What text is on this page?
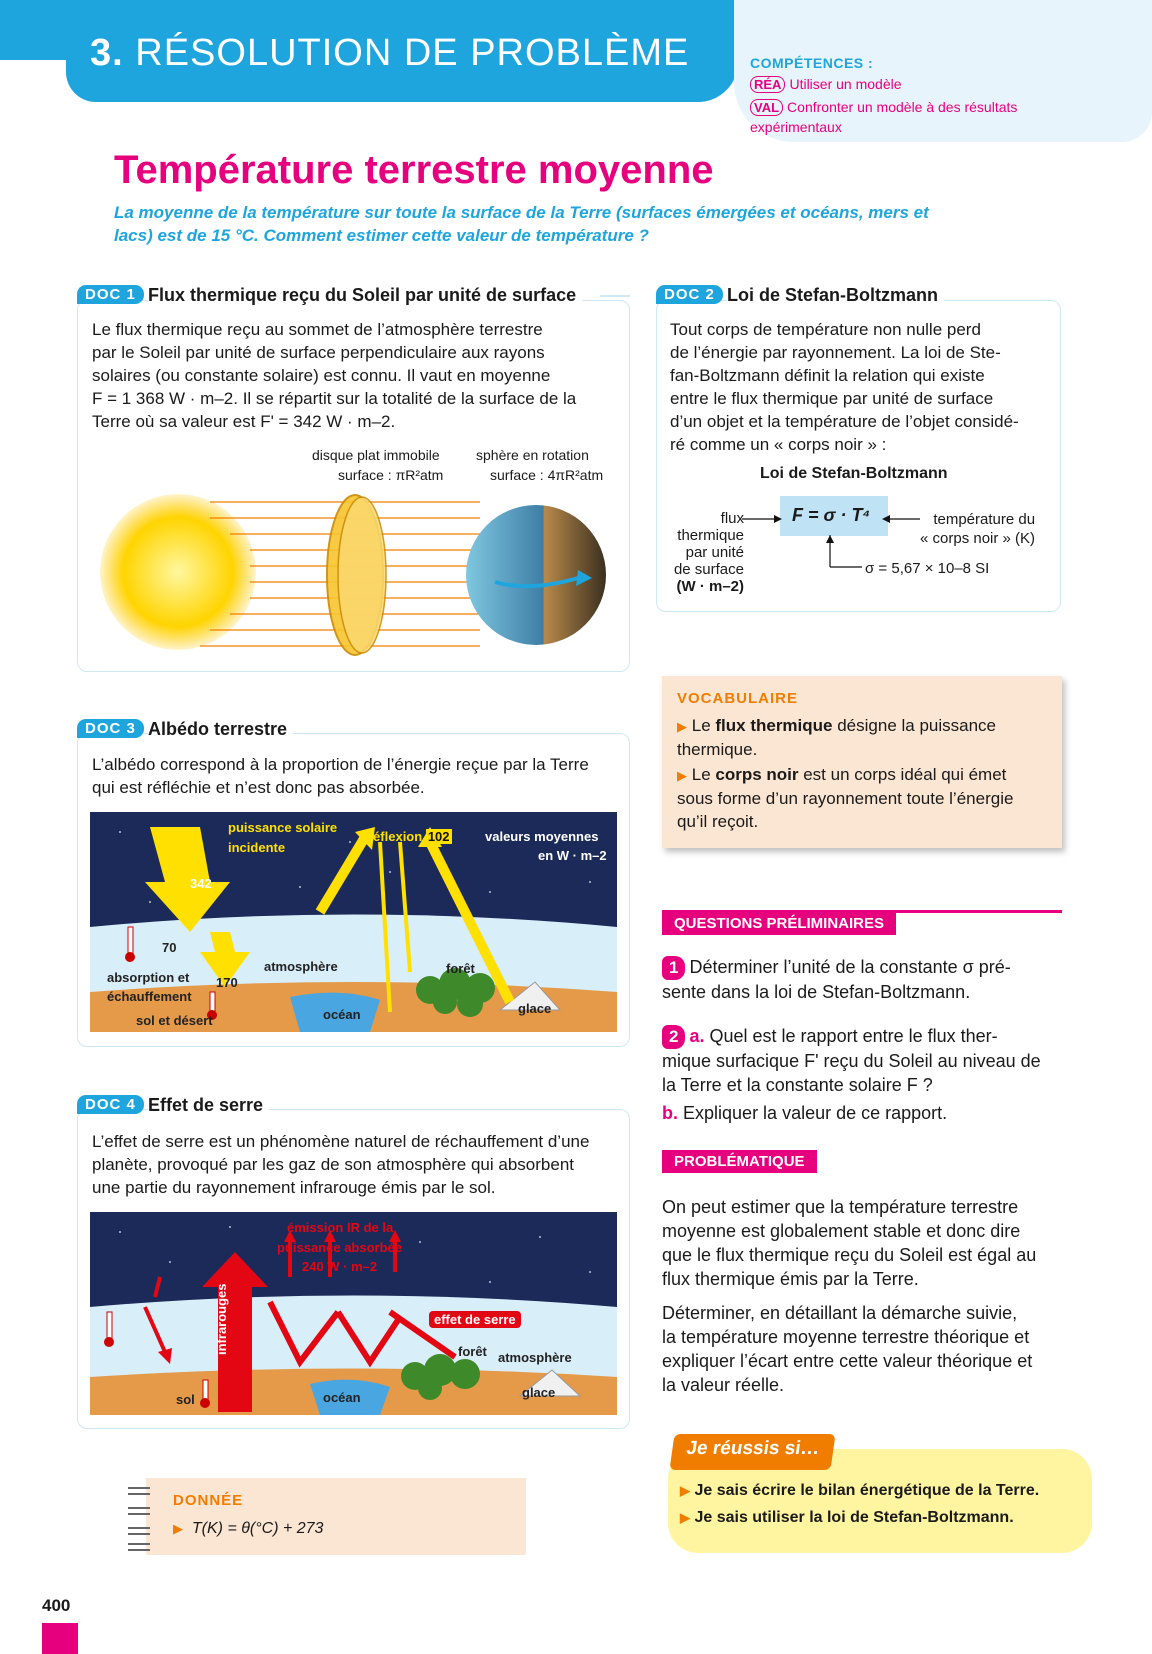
3. RÉSOLUTION DE PROBLÈME	COMPÉTENCES :
RÉA Utiliser un modèle
VAL Confronter un modèle à des résultats
expérimentaux
Température terrestre moyenne
La moyenne de la température sur toute la surface de la Terre (surfaces émergées et océans, mers et lacs) est de 15 °C. Comment estimer cette valeur de température ?
DOC 1 Flux thermique reçu du Soleil par unité de surface
Le flux thermique reçu au sommet de l’atmosphère terrestre
par le Soleil par unité de surface perpendiculaire aux rayons
solaires (ou constante solaire) est connu. Il vaut en moyenne
F = 1 368 W · m–2. Il se répartit sur la totalité de la surface de la
Terre où sa valeur est F' = 342 W · m–2.
disque plat immobile
surface : πR²atm
sphère en rotation
surface : 4πR²atm
DOC 2 Loi de Stefan-Boltzmann
Tout corps de température non nulle perd
de l’énergie par rayonnement. La loi de Ste-
fan-Boltzmann définit la relation qui existe
entre le flux thermique par unité de surface
d’un objet et la température de l’objet considé-
ré comme un « corps noir » :
Loi de Stefan-Boltzmann
F = σ · T⁴
flux
thermique
par unité
de surface
(W · m–2)
température du
« corps noir » (K)
σ = 5,67 × 10–8 SI
VOCABULAIRE
▶ Le flux thermique désigne la puissance
thermique.
▶ Le corps noir est un corps idéal qui émet
sous forme d’un rayonnement toute l’énergie
qu’il reçoit.
DOC 3 Albédo terrestre
L’albédo correspond à la proportion de l’énergie reçue par la Terre
qui est réfléchie et n’est donc pas absorbée.
puissance solaire
incidente
réflexion 102	valeurs moyennes
en W · m–2
342
70
170
absorption et
échauffement
atmosphère	forêt
sol et désert	océan	glace
QUESTIONS PRÉLIMINAIRES
1 Déterminer l’unité de la constante σ pré-
sente dans la loi de Stefan-Boltzmann.
2 a. Quel est le rapport entre le flux ther-
mique surfacique F' reçu du Soleil au niveau de
la Terre et la constante solaire F ?
b. Expliquer la valeur de ce rapport.
DOC 4 Effet de serre
L’effet de serre est un phénomène naturel de réchauffement d’une
planète, provoqué par les gaz de son atmosphère qui absorbent
une partie du rayonnement infrarouge émis par le sol.
émission IR de la
puissance absorbée
240 W · m–2
effet de serre
infrarouges	forêt atmosphère
sol	océan	glace
PROBLÉMATIQUE
On peut estimer que la température terrestre
moyenne est globalement stable et donc dire
que le flux thermique reçu du Soleil est égal au
flux thermique émis par la Terre.
Déterminer, en détaillant la démarche suivie,
la température moyenne terrestre théorique et
expliquer l’écart entre cette valeur théorique et
la valeur réelle.
Je réussis si…
▶ Je sais écrire le bilan énergétique de la Terre.
▶ Je sais utiliser la loi de Stefan-Boltzmann.
DONNÉE
▶ T(K) = θ(°C) + 273
400
